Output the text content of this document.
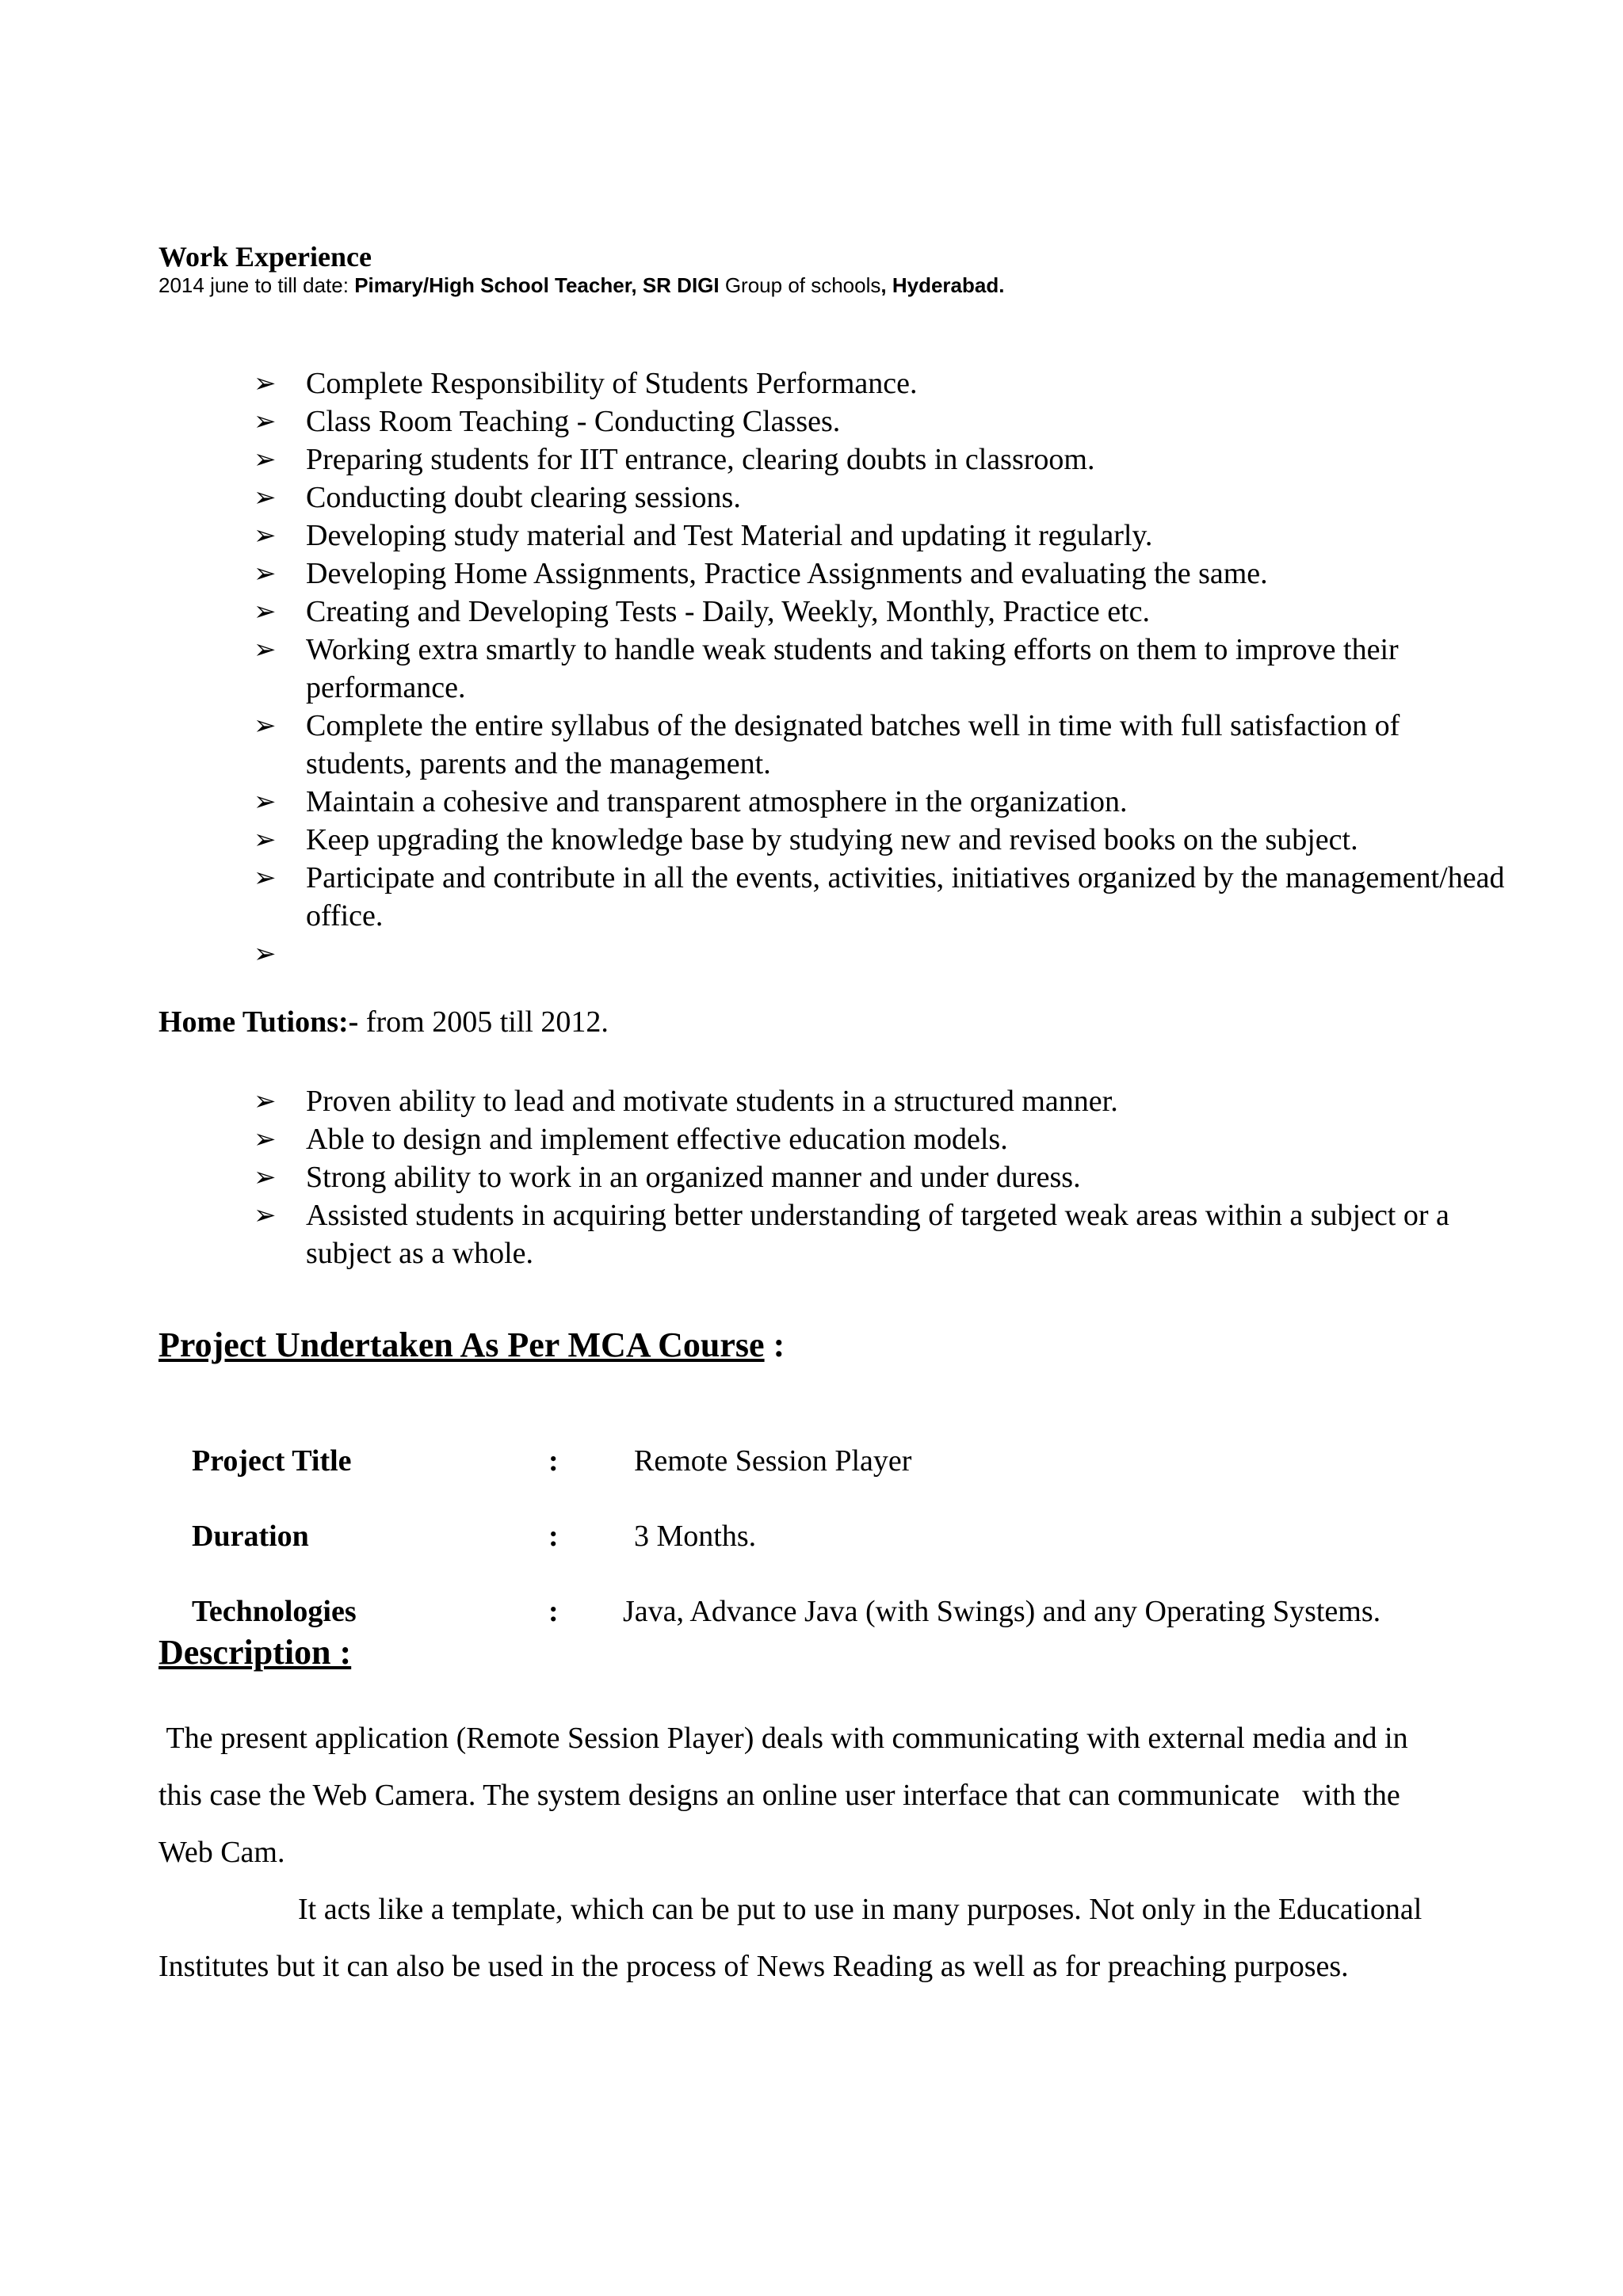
Work Experience
2014 june to till date: Pimary/High School Teacher, SR DIGI Group of schools, Hyderabad.
➢ Complete Responsibility of Students Performance.
➢ Class Room Teaching - Conducting Classes.
➢ Preparing students for IIT entrance, clearing doubts in classroom.
➢ Conducting doubt clearing sessions.
➢ Developing study material and Test Material and updating it regularly.
➢ Developing Home Assignments, Practice Assignments and evaluating the same.
➢ Creating and Developing Tests - Daily, Weekly, Monthly, Practice etc.
➢ Working extra smartly to handle weak students and taking efforts on them to improve their performance.
➢ Complete the entire syllabus of the designated batches well in time with full satisfaction of students, parents and the management.
➢ Maintain a cohesive and transparent atmosphere in the organization.
➢ Keep upgrading the knowledge base by studying new and revised books on the subject.
➢ Participate and contribute in all the events, activities, initiatives organized by the management/head office.
➢
Home Tutions:- from 2005 till 2012.
➢ Proven ability to lead and motivate students in a structured manner.
➢ Able to design and implement effective education models.
➢ Strong ability to work in an organized manner and under duress.
➢ Assisted students in acquiring better understanding of targeted weak areas within a subject or a subject as a whole.
Project Undertaken As Per MCA Course :
Project Title	:	Remote Session Player
Duration	:	3 Months.
Technologies	: Java, Advance Java (with Swings) and any Operating Systems.
Description :

The present application (Remote Session Player) deals with communicating with external media and in this case the Web Camera. The system designs an online user interface that can communicate   with the Web Cam.

It acts like a template, which can be put to use in many purposes. Not only in the Educational Institutes but it can also be used in the process of News Reading as well as for preaching purposes.
